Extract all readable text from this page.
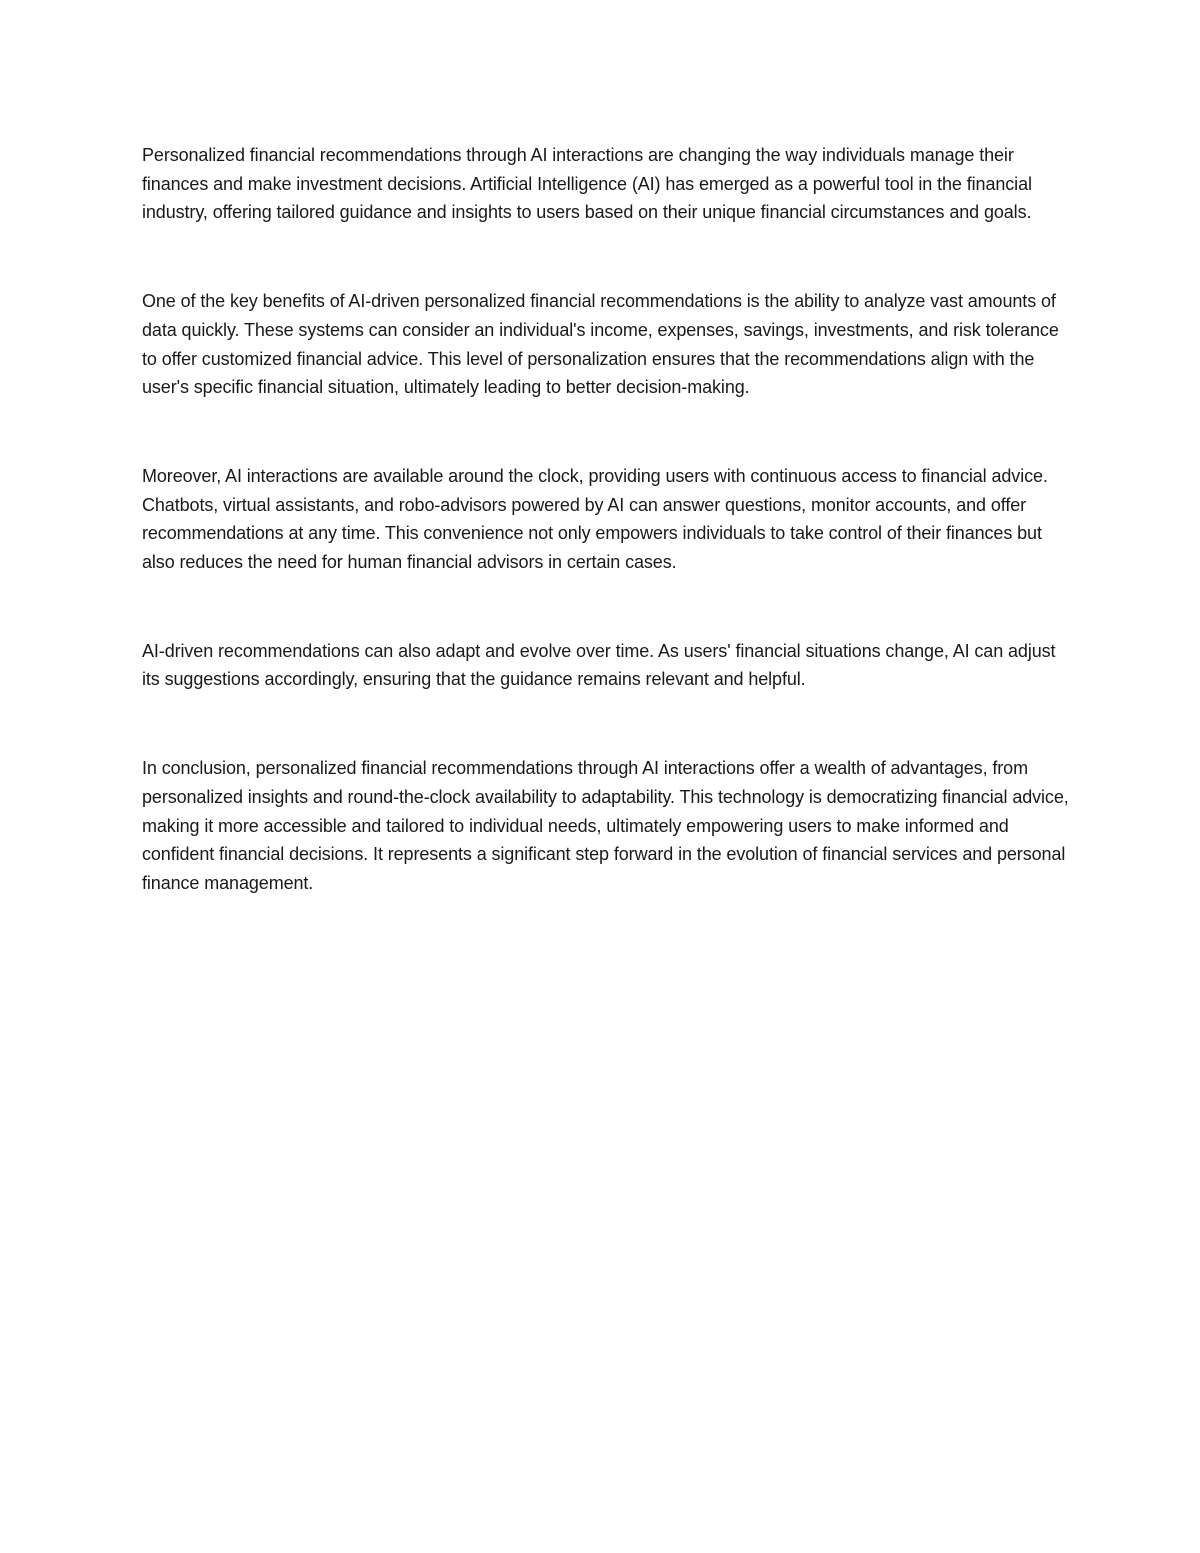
Personalized financial recommendations through AI interactions are changing the way individuals manage their finances and make investment decisions. Artificial Intelligence (AI) has emerged as a powerful tool in the financial industry, offering tailored guidance and insights to users based on their unique financial circumstances and goals.

One of the key benefits of AI-driven personalized financial recommendations is the ability to analyze vast amounts of data quickly. These systems can consider an individual's income, expenses, savings, investments, and risk tolerance to offer customized financial advice. This level of personalization ensures that the recommendations align with the user's specific financial situation, ultimately leading to better decision-making.

Moreover, AI interactions are available around the clock, providing users with continuous access to financial advice. Chatbots, virtual assistants, and robo-advisors powered by AI can answer questions, monitor accounts, and offer recommendations at any time. This convenience not only empowers individuals to take control of their finances but also reduces the need for human financial advisors in certain cases.

AI-driven recommendations can also adapt and evolve over time. As users' financial situations change, AI can adjust its suggestions accordingly, ensuring that the guidance remains relevant and helpful.

In conclusion, personalized financial recommendations through AI interactions offer a wealth of advantages, from personalized insights and round-the-clock availability to adaptability. This technology is democratizing financial advice, making it more accessible and tailored to individual needs, ultimately empowering users to make informed and confident financial decisions. It represents a significant step forward in the evolution of financial services and personal finance management.
